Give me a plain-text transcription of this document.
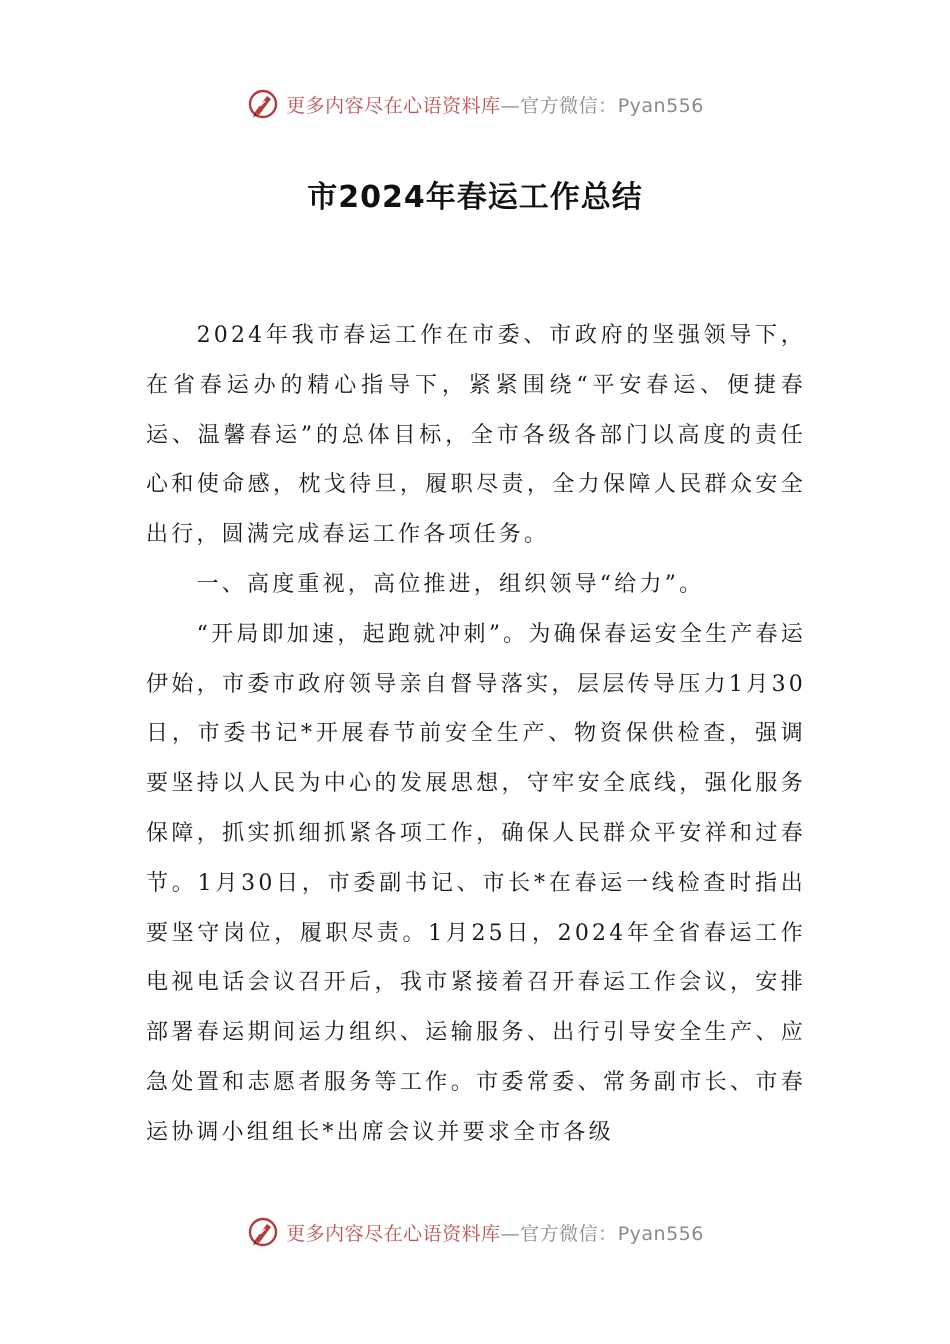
更多内容尽在心语资料库—官方微信：Pyan556
市2024年春运工作总结

2024年我市春运工作在市委、市政府的坚强领导下，在省春运办的精心指导下，紧紧围绕“平安春运、便捷春运、温馨春运”的总体目标，全市各级各部门以高度的责任心和使命感，枕戈待旦，履职尽责，全力保障人民群众安全出行，圆满完成春运工作各项任务。

一、高度重视，高位推进，组织领导“给力”。

“开局即加速，起跑就冲刺”。为确保春运安全生产春运伊始，市委市政府领导亲自督导落实，层层传导压力1月30日，市委书记*开展春节前安全生产、物资保供检查，强调要坚持以人民为中心的发展思想，守牢安全底线，强化服务保障，抓实抓细抓紧各项工作，确保人民群众平安祥和过春节。1月30日，市委副书记、市长*在春运一线检查时指出要坚守岗位，履职尽责。1月25日，2024年全省春运工作电视电话会议召开后，我市紧接着召开春运工作会议，安排部署春运期间运力组织、运输服务、出行引导安全生产、应急处置和志愿者服务等工作。市委常委、常务副市长、市春运协调小组组长*出席会议并要求全市各级

更多内容尽在心语资料库—官方微信：Pyan556
